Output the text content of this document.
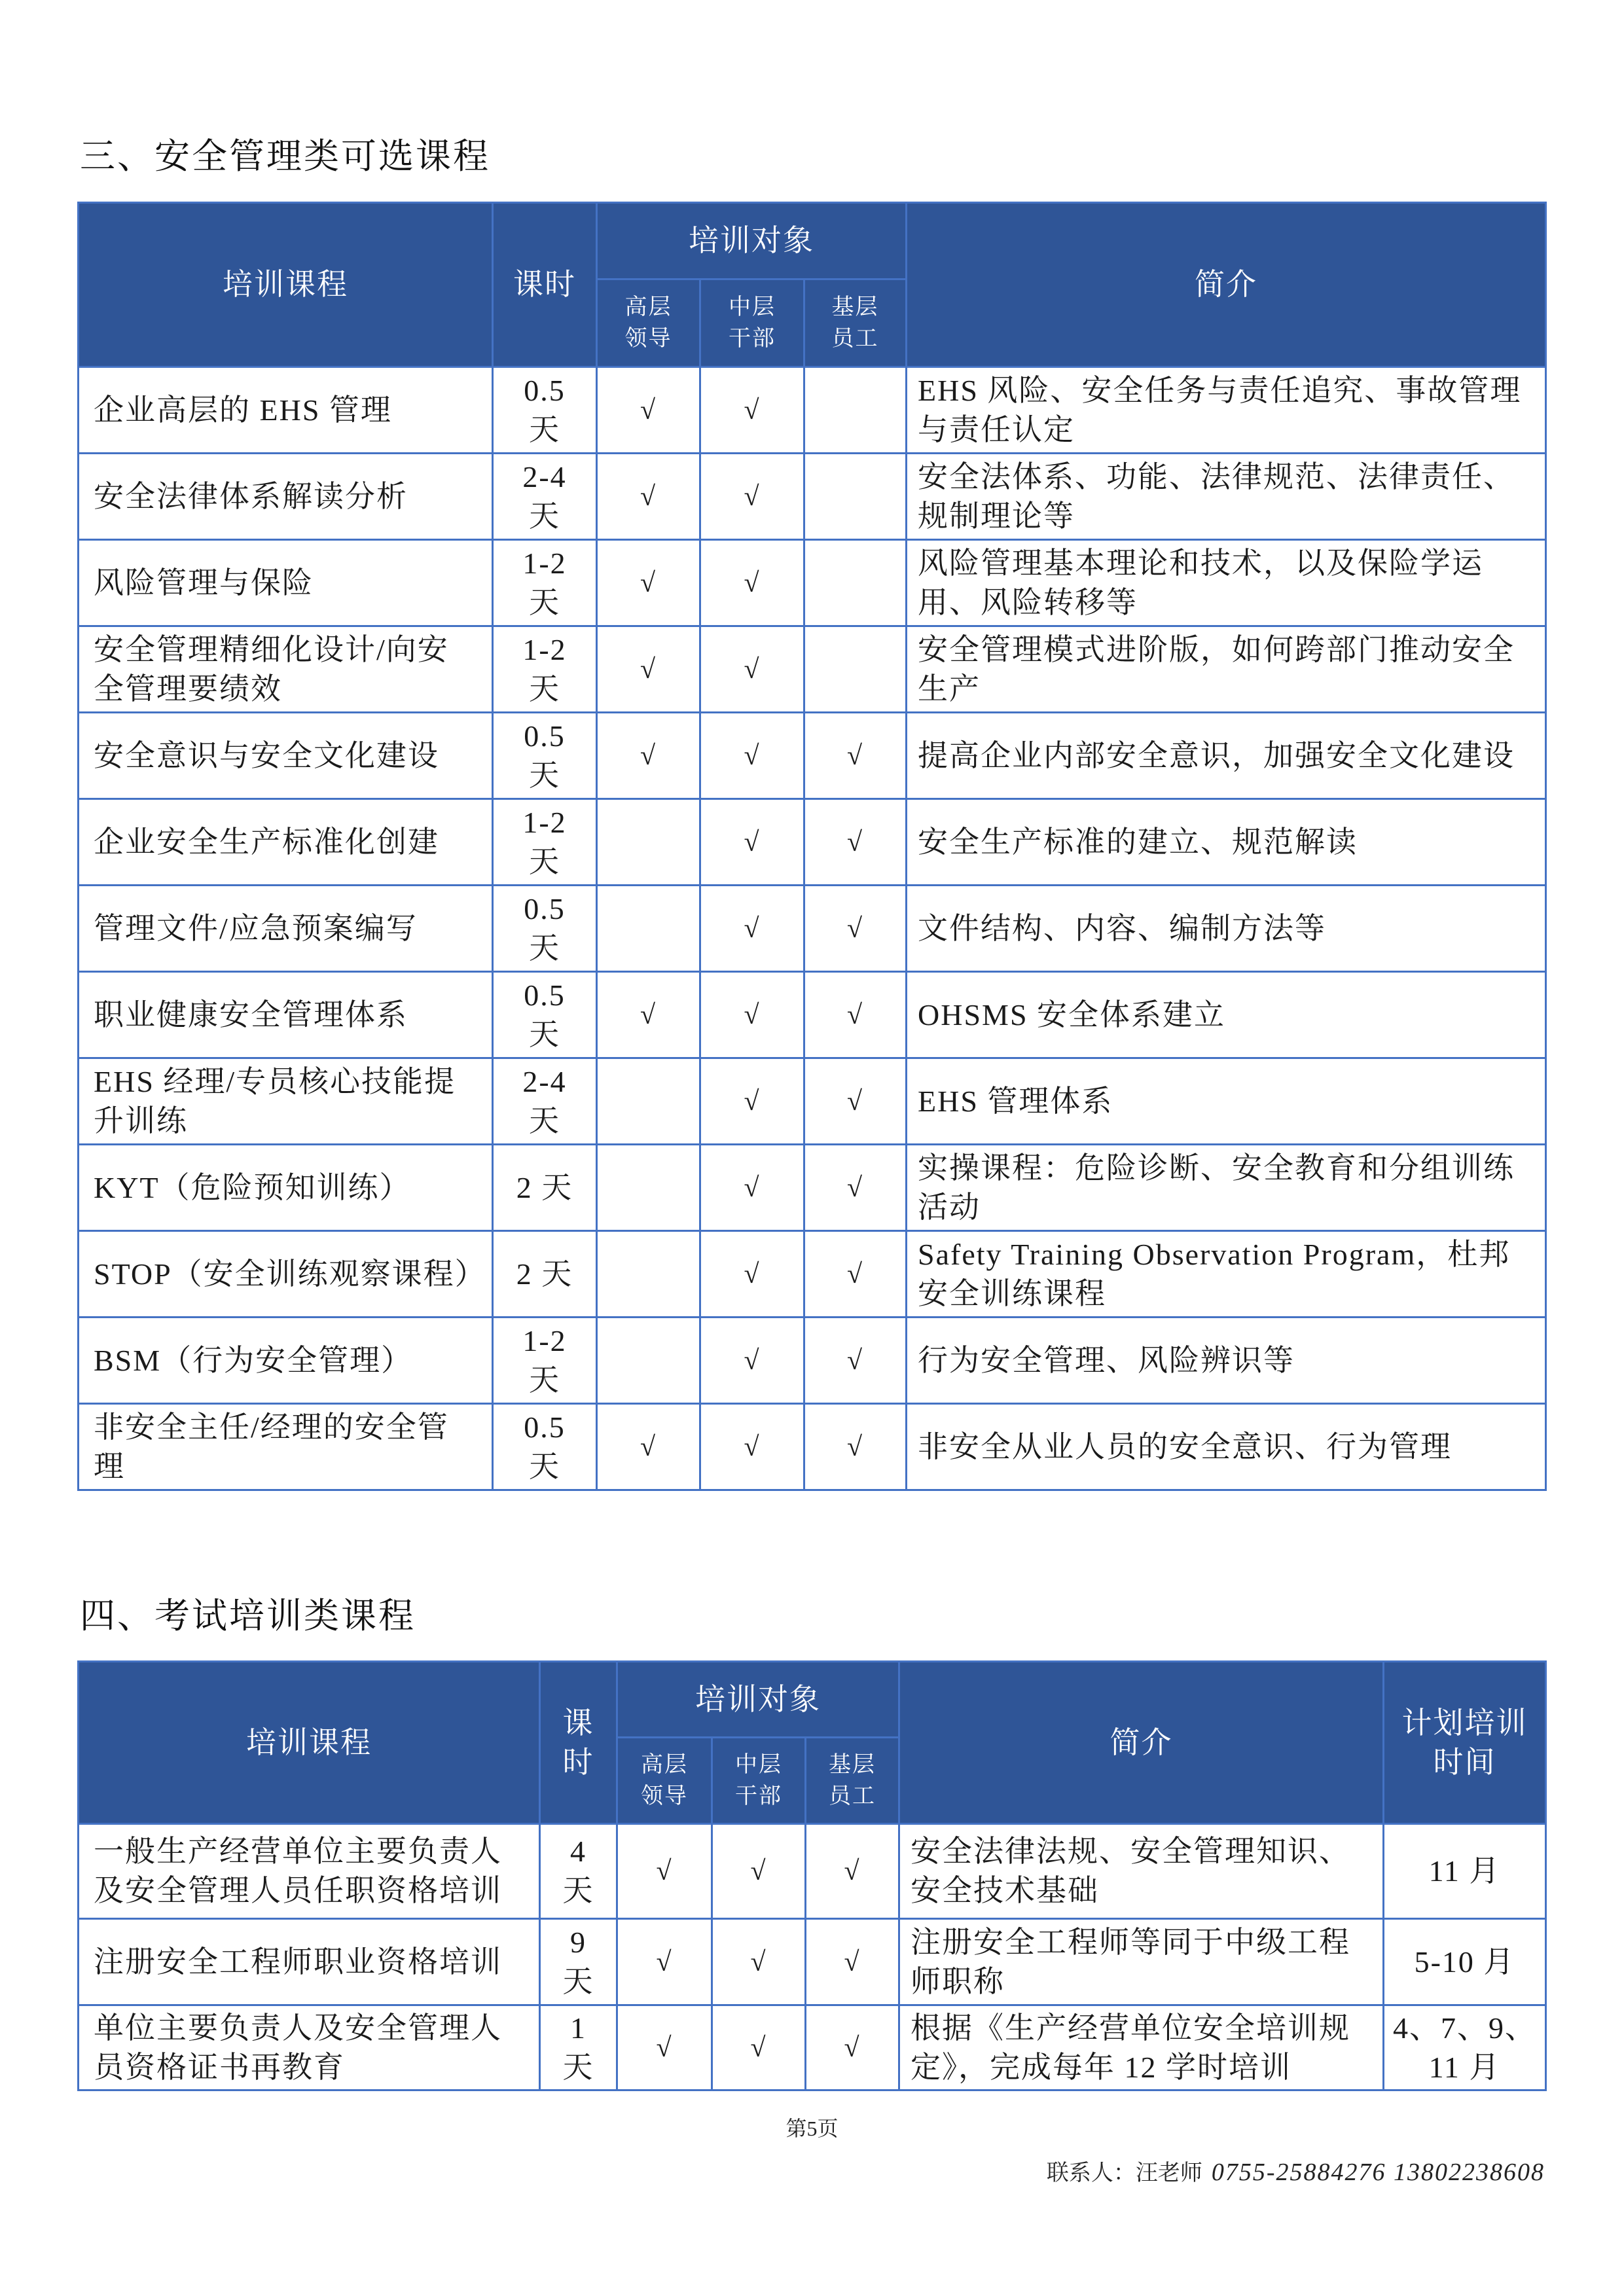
三、安全管理类可选课程
培训课程	课时	培训对象			简介
		高层领导	中层干部	基层员工	
企业高层的 EHS 管理	0.5天	√	√		EHS 风险、安全任务与责任追究、事故管理与责任认定
安全法律体系解读分析	2-4天	√	√		安全法体系、功能、法律规范、法律责任、规制理论等
风险管理与保险	1-2天	√	√		风险管理基本理论和技术，以及保险学运用、风险转移等
安全管理精细化设计/向安全管理要绩效	1-2天	√	√		安全管理模式进阶版，如何跨部门推动安全生产
安全意识与安全文化建设	0.5天	√	√	√	提高企业内部安全意识，加强安全文化建设
企业安全生产标准化创建	1-2天		√	√	安全生产标准的建立、规范解读
管理文件/应急预案编写	0.5天		√	√	文件结构、内容、编制方法等
职业健康安全管理体系	0.5天	√	√	√	OHSMS 安全体系建立
EHS 经理/专员核心技能提升训练	2-4天		√	√	EHS 管理体系
KYT（危险预知训练）	2 天		√	√	实操课程：危险诊断、安全教育和分组训练活动
STOP（安全训练观察课程）	2 天		√	√	Safety Training Observation Program，杜邦安全训练课程
BSM（行为安全管理）	1-2天		√	√	行为安全管理、风险辨识等
非安全主任/经理的安全管理	0.5天	√	√	√	非安全从业人员的安全意识、行为管理
四、考试培训类课程
培训课程	课时	培训对象			简介	计划培训时间
		高层领导	中层干部	基层员工		
一般生产经营单位主要负责人及安全管理人员任职资格培训	4天	√	√	√	安全法律法规、安全管理知识、安全技术基础	11 月
注册安全工程师职业资格培训	9天	√	√	√	注册安全工程师等同于中级工程师职称	5-10 月
单位主要负责人及安全管理人员资格证书再教育	1天	√	√	√	根据《生产经营单位安全培训规定》，完成每年 12 学时培训	4、7、9、11 月
第5页
联系人：汪老师 0755-25884276 13802238608
